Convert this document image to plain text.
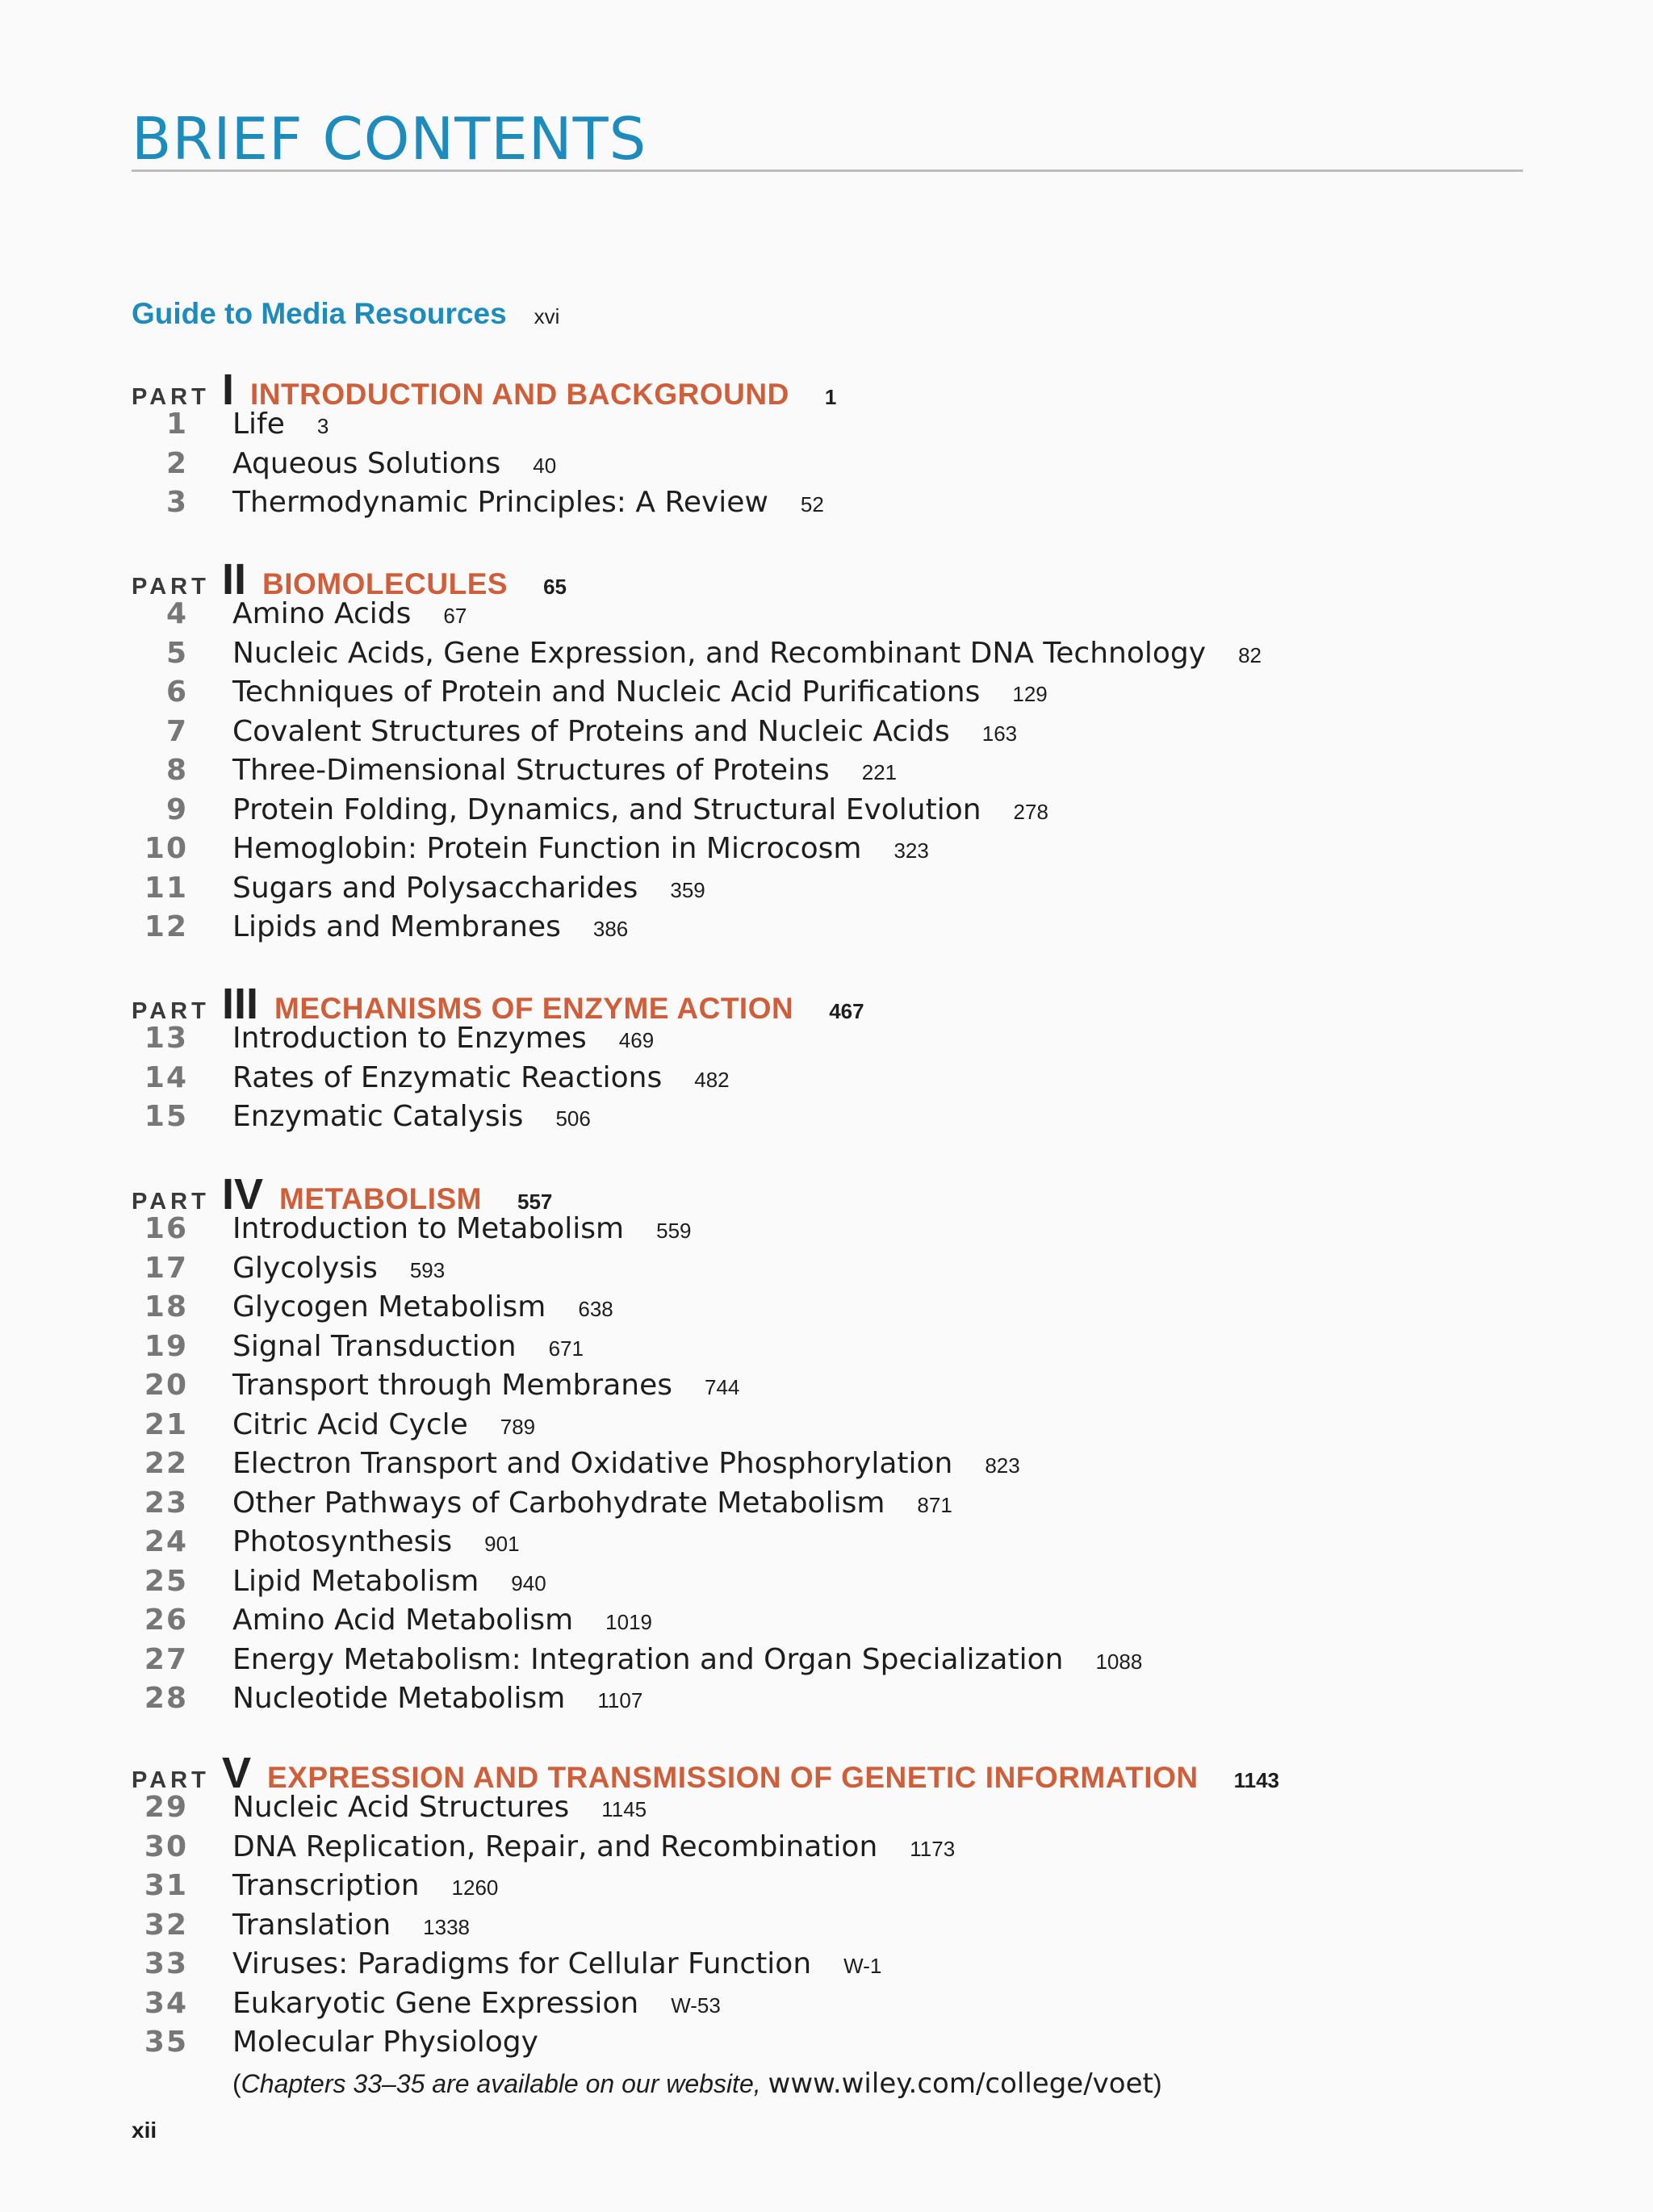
BRIEF CONTENTS
Guide to Media Resources xvi
PART I INTRODUCTION AND BACKGROUND 1
1 Life 3
2 Aqueous Solutions 40
3 Thermodynamic Principles: A Review 52
PART II BIOMOLECULES 65
4 Amino Acids 67
5 Nucleic Acids, Gene Expression, and Recombinant DNA Technology 82
6 Techniques of Protein and Nucleic Acid Purifications 129
7 Covalent Structures of Proteins and Nucleic Acids 163
8 Three-Dimensional Structures of Proteins 221
9 Protein Folding, Dynamics, and Structural Evolution 278
10 Hemoglobin: Protein Function in Microcosm 323
11 Sugars and Polysaccharides 359
12 Lipids and Membranes 386
PART III MECHANISMS OF ENZYME ACTION 467
13 Introduction to Enzymes 469
14 Rates of Enzymatic Reactions 482
15 Enzymatic Catalysis 506
PART IV METABOLISM 557
16 Introduction to Metabolism 559
17 Glycolysis 593
18 Glycogen Metabolism 638
19 Signal Transduction 671
20 Transport through Membranes 744
21 Citric Acid Cycle 789
22 Electron Transport and Oxidative Phosphorylation 823
23 Other Pathways of Carbohydrate Metabolism 871
24 Photosynthesis 901
25 Lipid Metabolism 940
26 Amino Acid Metabolism 1019
27 Energy Metabolism: Integration and Organ Specialization 1088
28 Nucleotide Metabolism 1107
PART V EXPRESSION AND TRANSMISSION OF GENETIC INFORMATION 1143
29 Nucleic Acid Structures 1145
30 DNA Replication, Repair, and Recombination 1173
31 Transcription 1260
32 Translation 1338
33 Viruses: Paradigms for Cellular Function W-1
34 Eukaryotic Gene Expression W-53
35 Molecular Physiology
(Chapters 33–35 are available on our website, www.wiley.com/college/voet)
xii
